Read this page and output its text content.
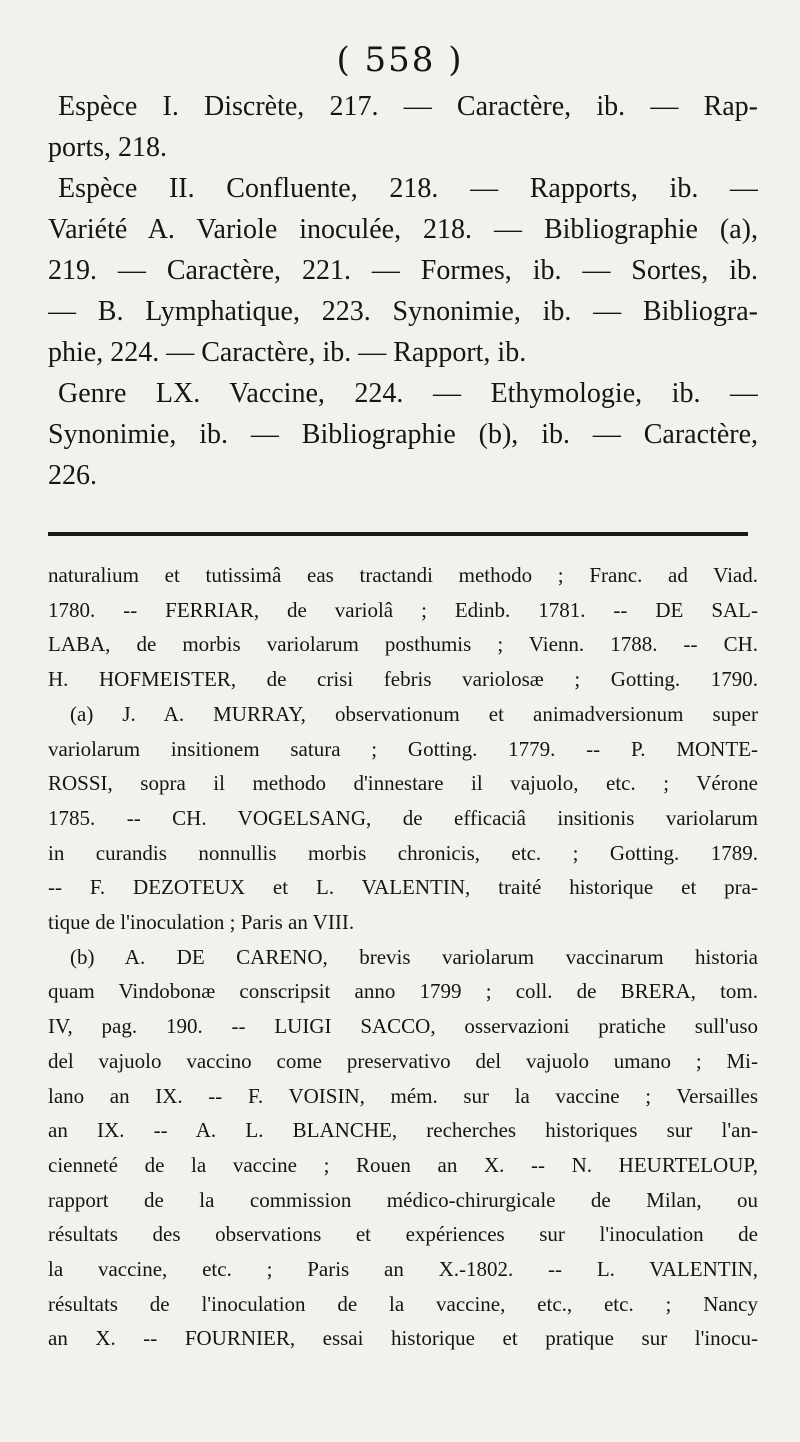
( 558 )
Espèce I. Discrète, 217. — Caractère, ib. — Rap-
ports, 218.
Espèce II. Confluente, 218. — Rapports, ib. —
Variété A. Variole inoculée, 218. — Bibliographie (a),
219. — Caractère, 221. — Formes, ib. — Sortes, ib.
— B. Lymphatique, 223. Synonimie, ib. — Bibliogra-
phie, 224. — Caractère, ib. — Rapport, ib.
Genre LX. Vaccine, 224. — Ethymologie, ib. —
Synonimie, ib. — Bibliographie (b), ib. — Caractère,
226.
naturalium et tutissimâ eas tractandi methodo ; Franc. ad Viad.
1780. -- FERRIAR, de variolâ ; Edinb. 1781. -- DE SAL-
LABA, de morbis variolarum posthumis ; Vienn. 1788. -- CH.
H. HOFMEISTER, de crisi febris variolosæ ; Gotting. 1790.
(a) J. A. MURRAY, observationum et animadversionum super
variolarum insitionem satura ; Gotting. 1779. -- P. MONTE-
ROSSI, sopra il methodo d'innestare il vajuolo, etc. ; Vérone
1785. -- CH. VOGELSANG, de efficaciâ insitionis variolarum
in curandis nonnullis morbis chronicis, etc. ; Gotting. 1789.
-- F. DEZOTEUX et L. VALENTIN, traité historique et pra-
tique de l'inoculation ; Paris an VIII.
(b) A. DE CARENO, brevis variolarum vaccinarum historia
quam Vindobonæ conscripsit anno 1799 ; coll. de BRERA, tom.
IV, pag. 190. -- LUIGI SACCO, osservazioni pratiche sull'uso
del vajuolo vaccino come preservativo del vajuolo umano ; Mi-
lano an IX. -- F. VOISIN, mém. sur la vaccine ; Versailles
an IX. -- A. L. BLANCHE, recherches historiques sur l'an-
cienneté de la vaccine ; Rouen an X. -- N. HEURTELOUP,
rapport de la commission médico-chirurgicale de Milan, ou
résultats des observations et expériences sur l'inoculation de
la vaccine, etc. ; Paris an X.-1802. -- L. VALENTIN,
résultats de l'inoculation de la vaccine, etc., etc. ; Nancy
an X. -- FOURNIER, essai historique et pratique sur l'inocu-
